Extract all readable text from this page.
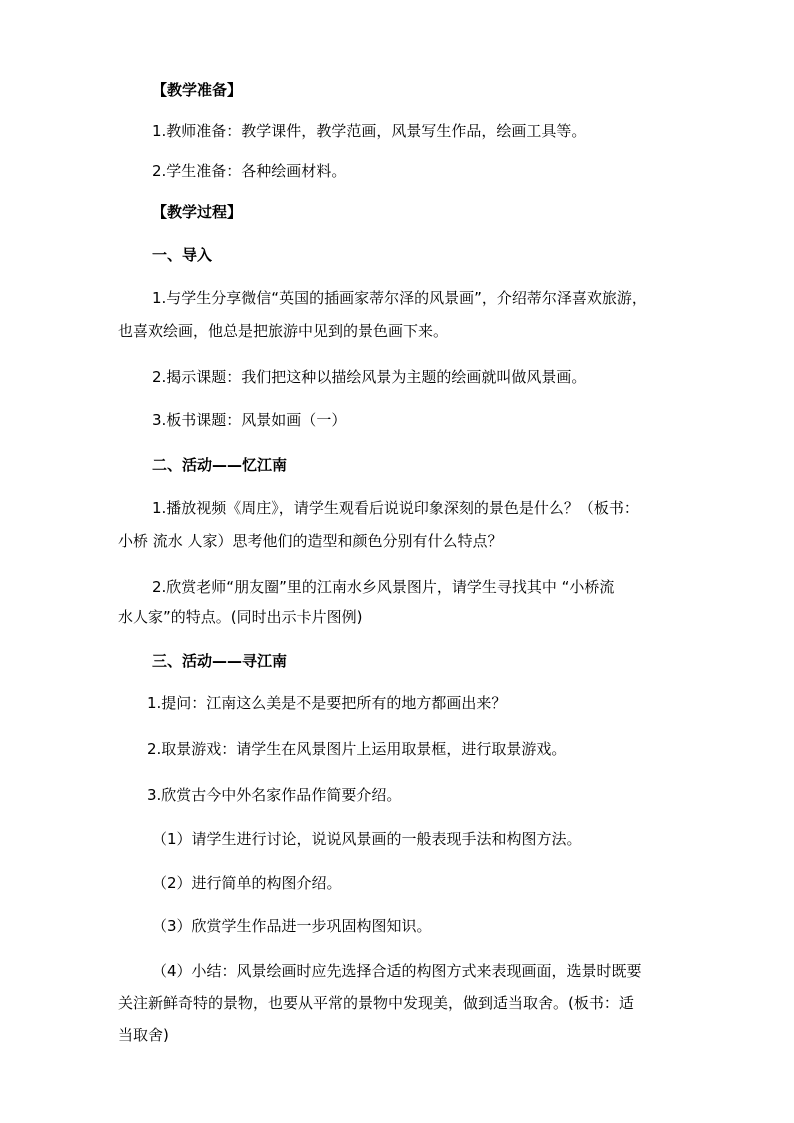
【教学准备】

1.教师准备：教学课件，教学范画，风景写生作品，绘画工具等。

2.学生准备：各种绘画材料。

【教学过程】

一、导入

1.与学生分享微信“英国的插画家蒂尔泽的风景画”，介绍蒂尔泽喜欢旅游，

也喜欢绘画，他总是把旅游中见到的景色画下来。

2.揭示课题：我们把这种以描绘风景为主题的绘画就叫做风景画。

3.板书课题：风景如画（一）

二、活动——忆江南

1.播放视频《周庄》，请学生观看后说说印象深刻的景色是什么？（板书：

小桥 流水 人家）思考他们的造型和颜色分别有什么特点？

2.欣赏老师“朋友圈”里的江南水乡风景图片，请学生寻找其中 “小桥流

水人家”的特点。(同时出示卡片图例)

三、活动——寻江南

1.提问：江南这么美是不是要把所有的地方都画出来？

2.取景游戏：请学生在风景图片上运用取景框，进行取景游戏。

3.欣赏古今中外名家作品作简要介绍。

（1）请学生进行讨论，说说风景画的一般表现手法和构图方法。

（2）进行简单的构图介绍。

（3）欣赏学生作品进一步巩固构图知识。

（4）小结：风景绘画时应先选择合适的构图方式来表现画面，选景时既要

关注新鲜奇特的景物，也要从平常的景物中发现美，做到适当取舍。(板书：适

当取舍)
